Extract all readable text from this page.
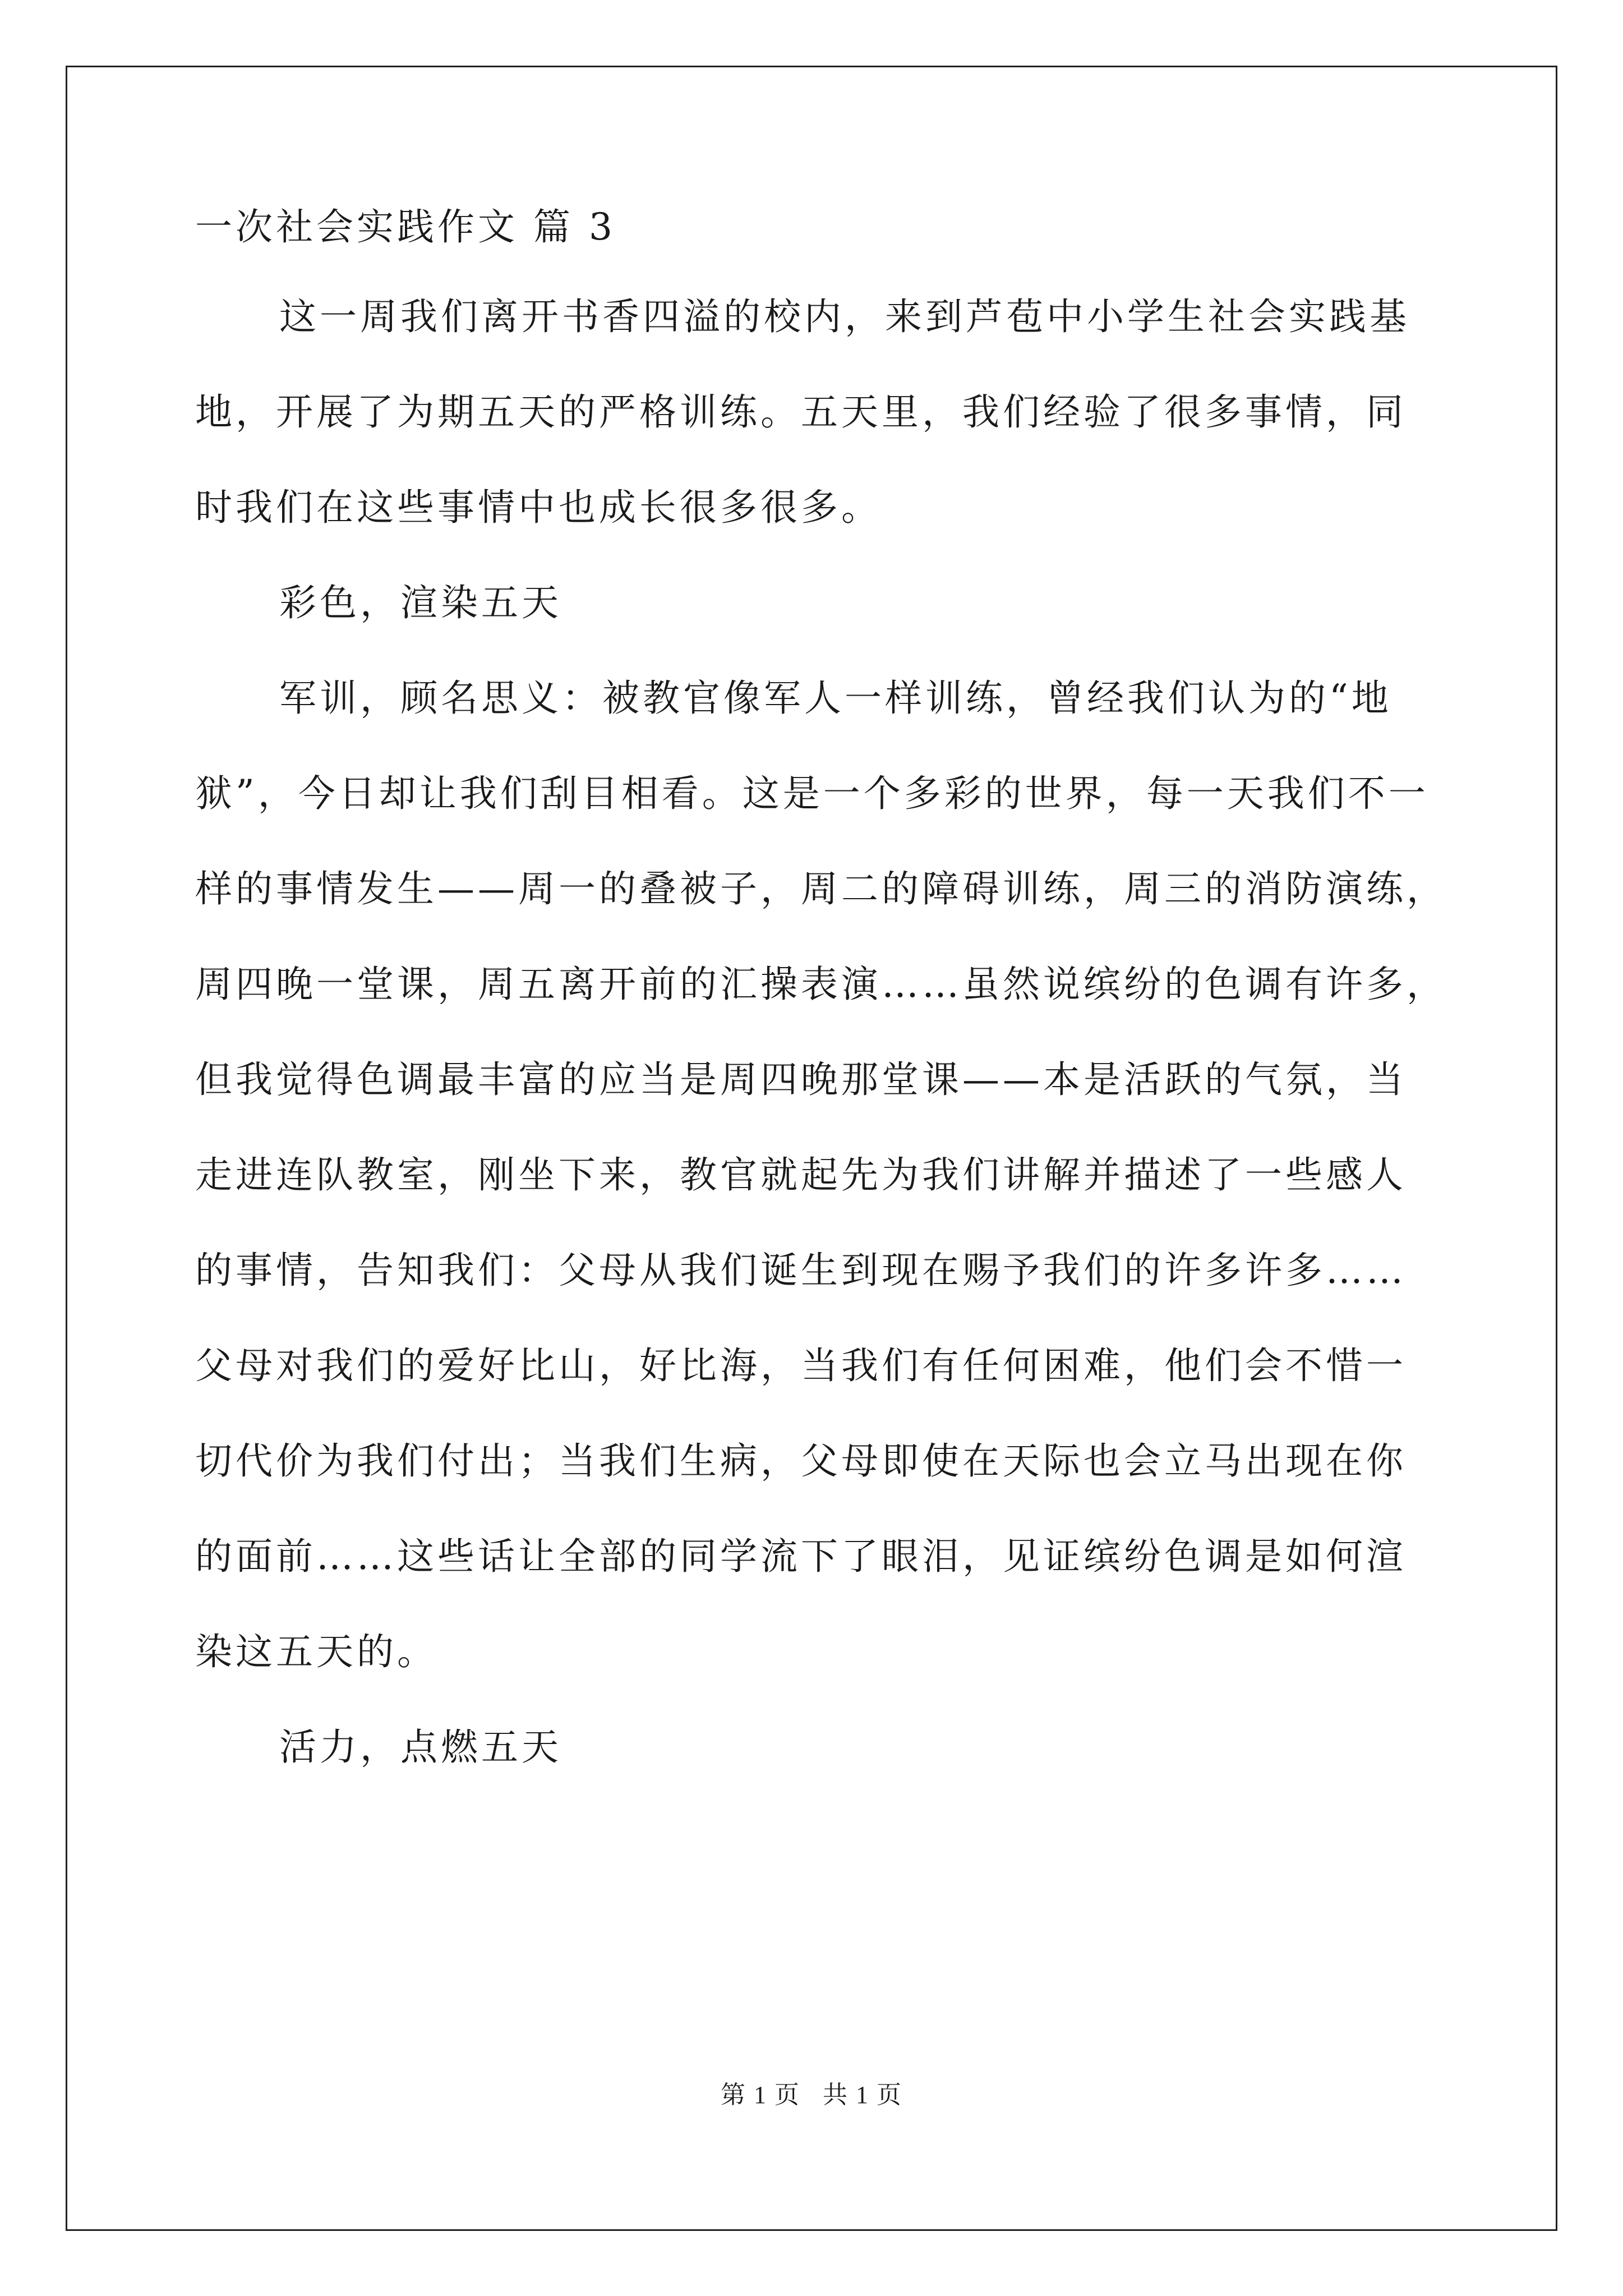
一次社会实践作文 篇 3
这一周我们离开书香四溢的校内，来到芦苞中小学生社会实践基
地，开展了为期五天的严格训练。五天里，我们经验了很多事情，同
时我们在这些事情中也成长很多很多。
彩色，渲染五天
军训，顾名思义：被教官像军人一样训练，曾经我们认为的“地
狱”，今日却让我们刮目相看。这是一个多彩的世界，每一天我们不一
样的事情发生——周一的叠被子，周二的障碍训练，周三的消防演练，
周四晚一堂课，周五离开前的汇操表演……虽然说缤纷的色调有许多，
但我觉得色调最丰富的应当是周四晚那堂课——本是活跃的气氛，当
走进连队教室，刚坐下来，教官就起先为我们讲解并描述了一些感人
的事情，告知我们：父母从我们诞生到现在赐予我们的许多许多……
父母对我们的爱好比山，好比海，当我们有任何困难，他们会不惜一
切代价为我们付出；当我们生病，父母即使在天际也会立马出现在你
的面前……这些话让全部的同学流下了眼泪，见证缤纷色调是如何渲
染这五天的。
活力，点燃五天
第 1 页 共 1 页
